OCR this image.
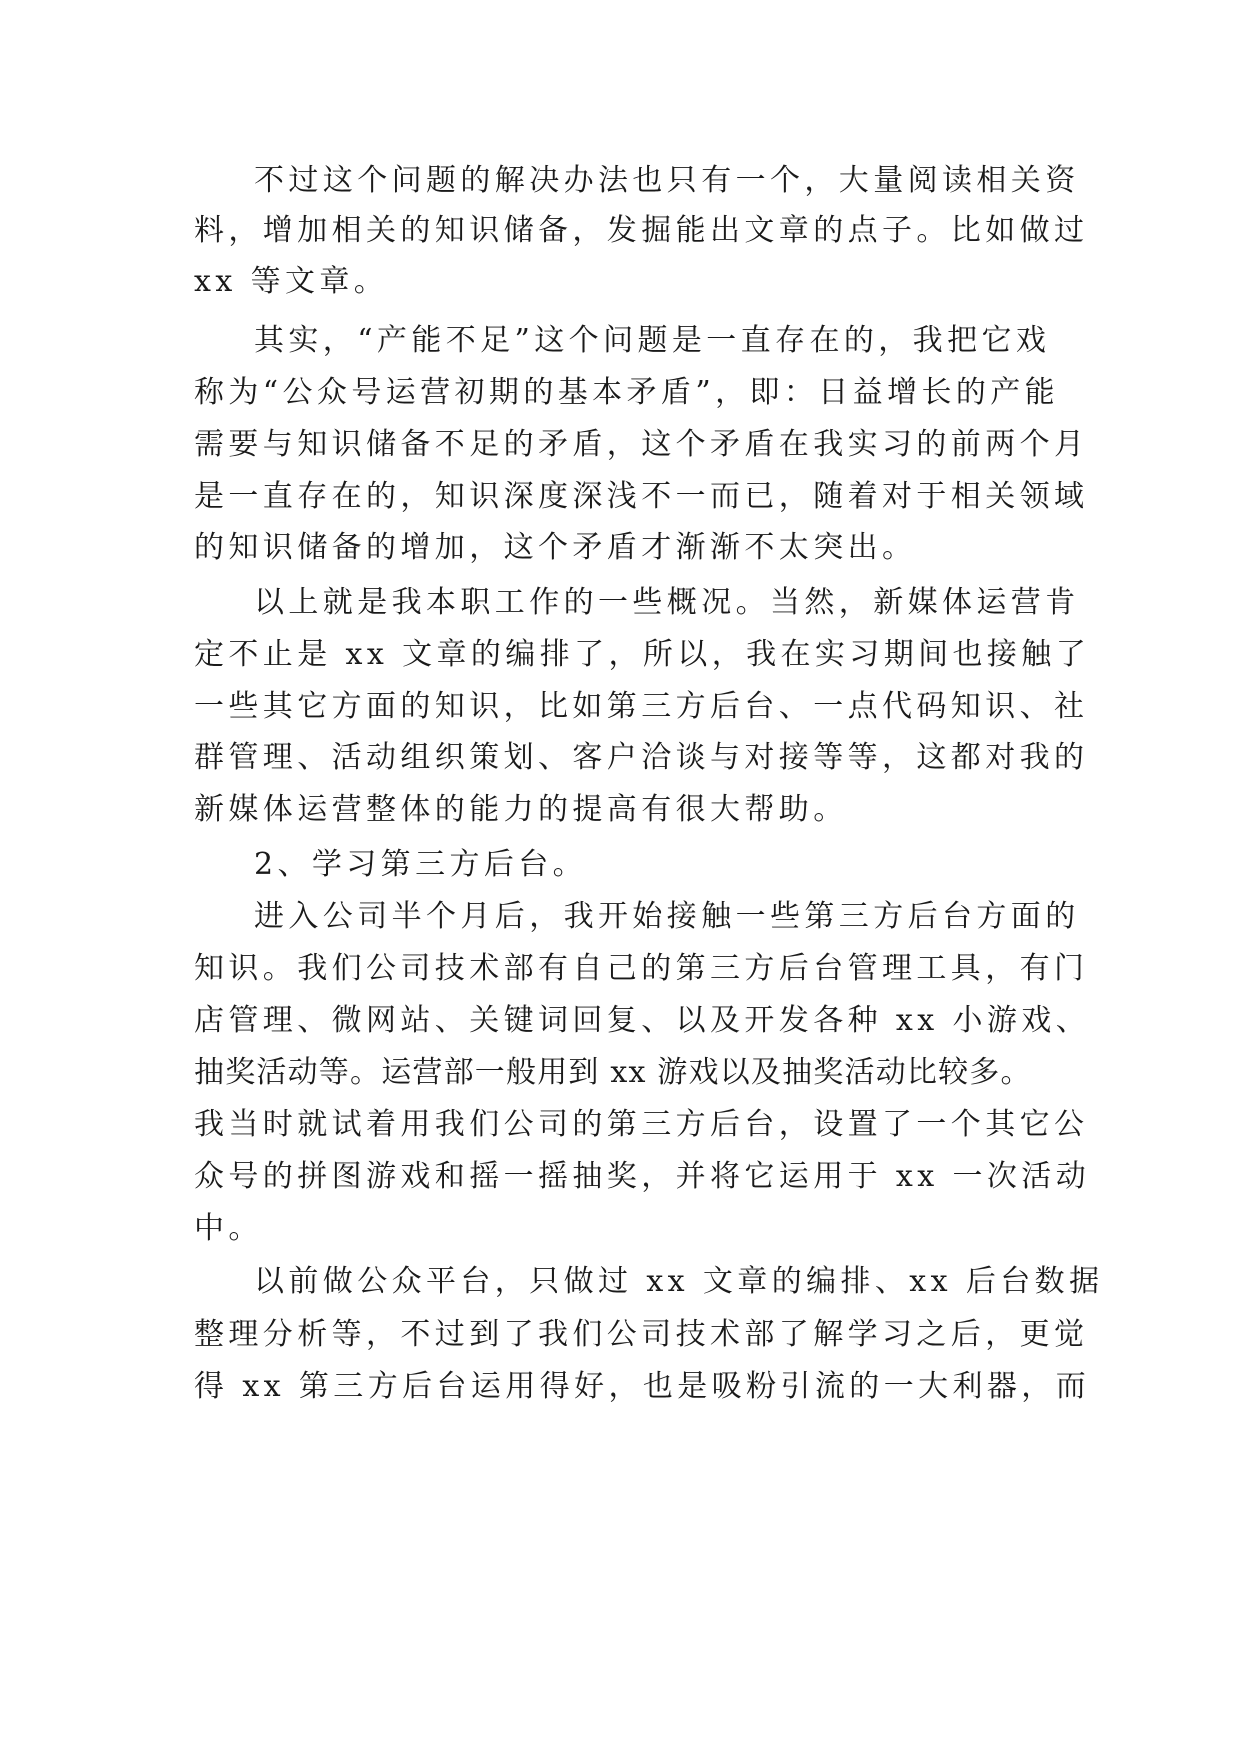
不过这个问题的解决办法也只有一个，大量阅读相关资
料，增加相关的知识储备，发掘能出文章的点子。比如做过
xx 等文章。
其实，“产能不足”这个问题是一直存在的，我把它戏
称为“公众号运营初期的基本矛盾”，即：日益增长的产能
需要与知识储备不足的矛盾，这个矛盾在我实习的前两个月
是一直存在的，知识深度深浅不一而已，随着对于相关领域
的知识储备的增加，这个矛盾才渐渐不太突出。
以上就是我本职工作的一些概况。当然，新媒体运营肯
定不止是 xx 文章的编排了，所以，我在实习期间也接触了
一些其它方面的知识，比如第三方后台、一点代码知识、社
群管理、活动组织策划、客户洽谈与对接等等，这都对我的
新媒体运营整体的能力的提高有很大帮助。
2、学习第三方后台。
进入公司半个月后，我开始接触一些第三方后台方面的
知识。我们公司技术部有自己的第三方后台管理工具，有门
店管理、微网站、关键词回复、以及开发各种 xx 小游戏、
抽奖活动等。运营部一般用到 xx 游戏以及抽奖活动比较多。
我当时就试着用我们公司的第三方后台，设置了一个其它公
众号的拼图游戏和摇一摇抽奖，并将它运用于 xx 一次活动
中。
以前做公众平台，只做过 xx 文章的编排、xx 后台数据
整理分析等，不过到了我们公司技术部了解学习之后，更觉
得 xx 第三方后台运用得好，也是吸粉引流的一大利器，而
